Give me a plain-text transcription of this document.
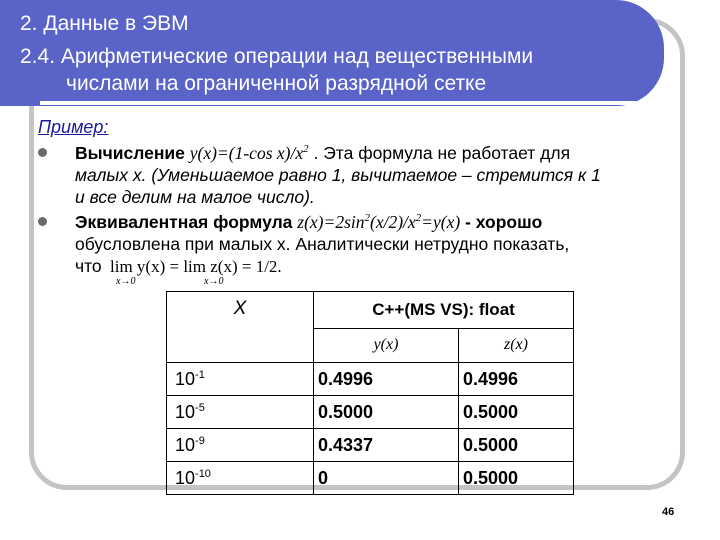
2. Данные в ЭВМ
2.4. Арифметические операции над вещественными
числами на ограниченной разрядной сетке
Пример:
Вычисление y(x)=(1-cos $x)/x^2$ . Эта формула не работает для
малых x. (Уменьшаемое равно 1, вычитаемое – стремится к 1
и все делим на малое число).
Эквивалентная формула $z(x)=2\sin^2(x/2)/x^2=y(x)$ - хорошо
обусловлена при малых x. Аналитически нетрудно показать,
что lim y(x) = lim z(x) = 1/2.
x→0	x→0
X	C++(MS VS): float	
	y(x)	z(x)
$10^{-1}$	0.4996	0.4996
$10^{-5}$	0.5000	0.5000
$10^{-9}$	0.4337	0.5000
$10^{-10}$	0	0.5000
46
